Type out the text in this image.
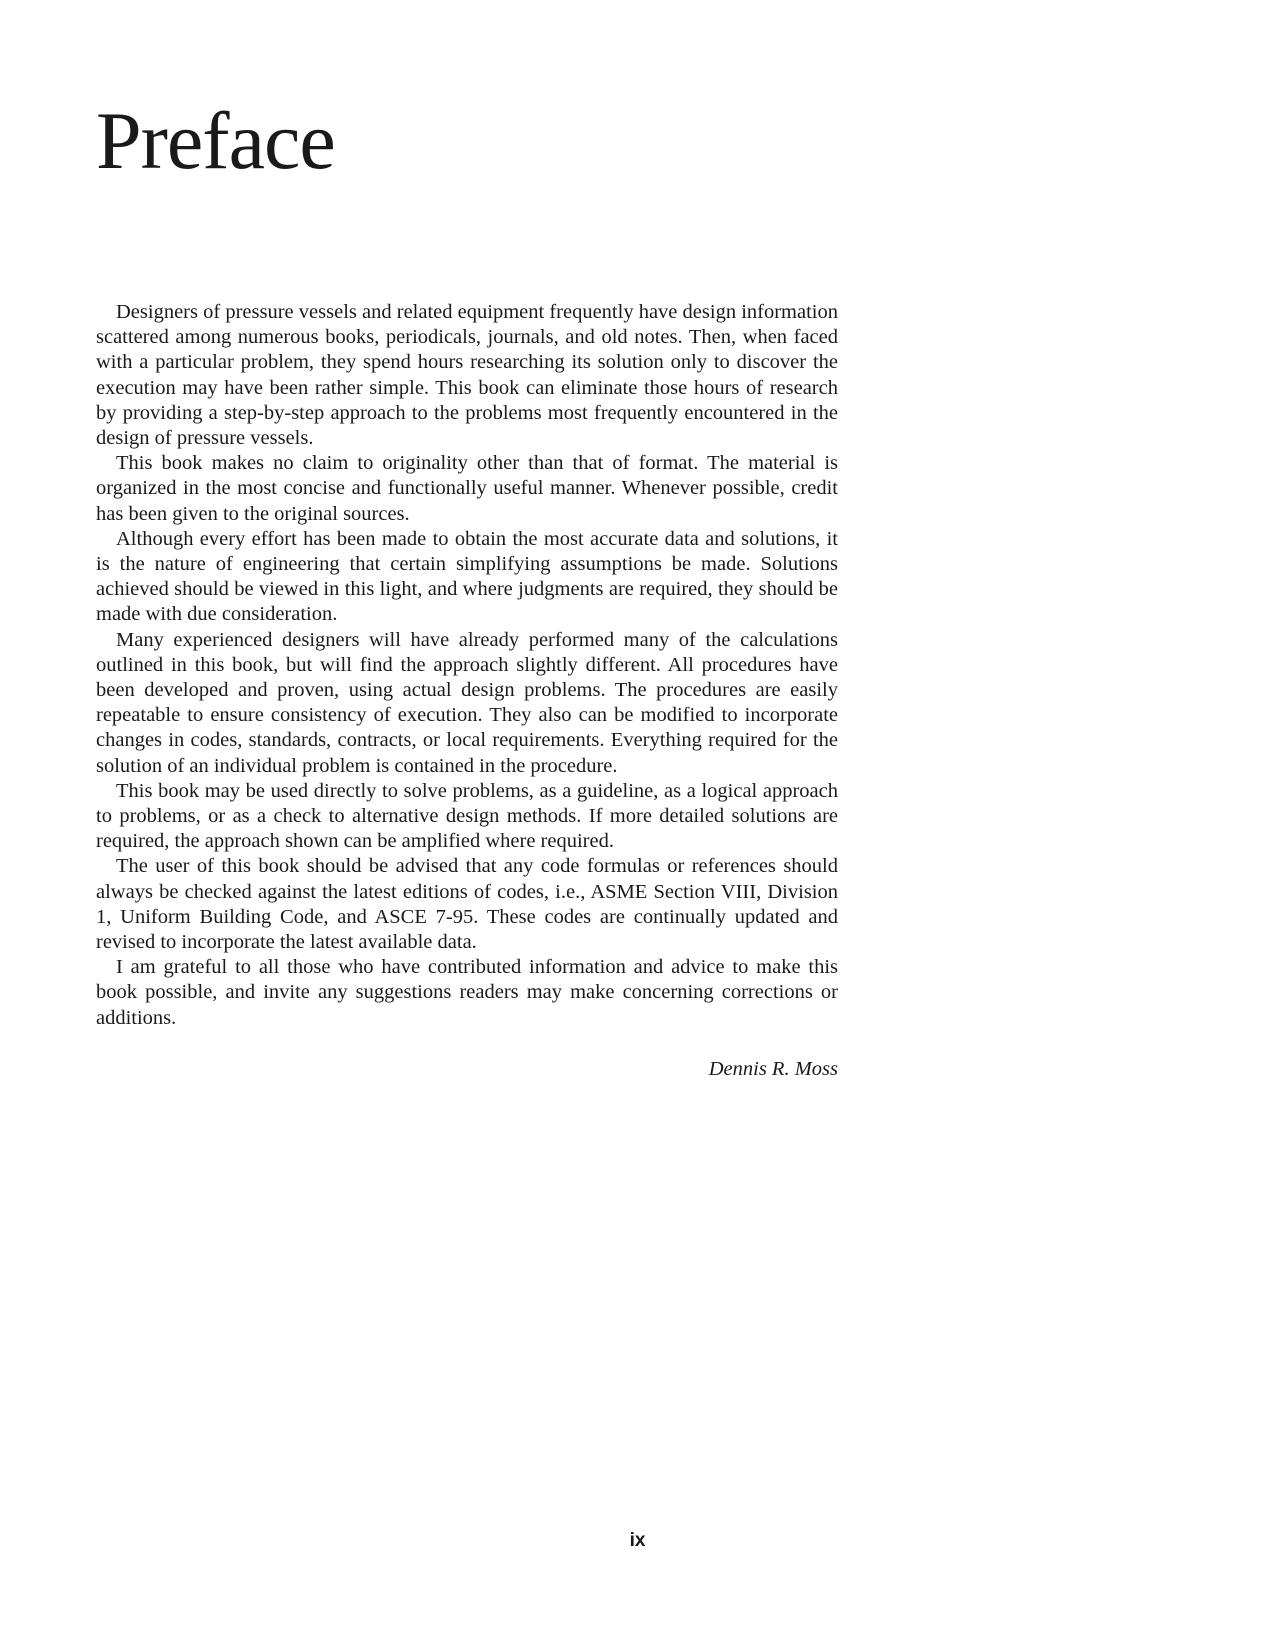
Preface

Designers of pressure vessels and related equipment frequently have design information scattered among numerous books, periodicals, journals, and old notes. Then, when faced with a particular problem, they spend hours researching its solution only to discover the execution may have been rather simple. This book can eliminate those hours of research by providing a step-by-step approach to the problems most frequently encountered in the design of pressure vessels.

This book makes no claim to originality other than that of format. The material is organized in the most concise and functionally useful manner. Whenever possible, credit has been given to the original sources.

Although every effort has been made to obtain the most accurate data and solutions, it is the nature of engineering that certain simplifying assumptions be made. Solutions achieved should be viewed in this light, and where judgments are required, they should be made with due consideration.

Many experienced designers will have already performed many of the calculations outlined in this book, but will find the approach slightly different. All procedures have been developed and proven, using actual design problems. The procedures are easily repeatable to ensure consistency of execution. They also can be modified to incorporate changes in codes, standards, contracts, or local requirements. Everything required for the solution of an individual problem is contained in the procedure.

This book may be used directly to solve problems, as a guideline, as a logical approach to problems, or as a check to alternative design methods. If more detailed solutions are required, the approach shown can be amplified where required.

The user of this book should be advised that any code formulas or references should always be checked against the latest editions of codes, i.e., ASME Section VIII, Division 1, Uniform Building Code, and ASCE 7-95. These codes are continually updated and revised to incorporate the latest available data.

I am grateful to all those who have contributed information and advice to make this book possible, and invite any suggestions readers may make concerning corrections or additions.

Dennis R. Moss
ix
